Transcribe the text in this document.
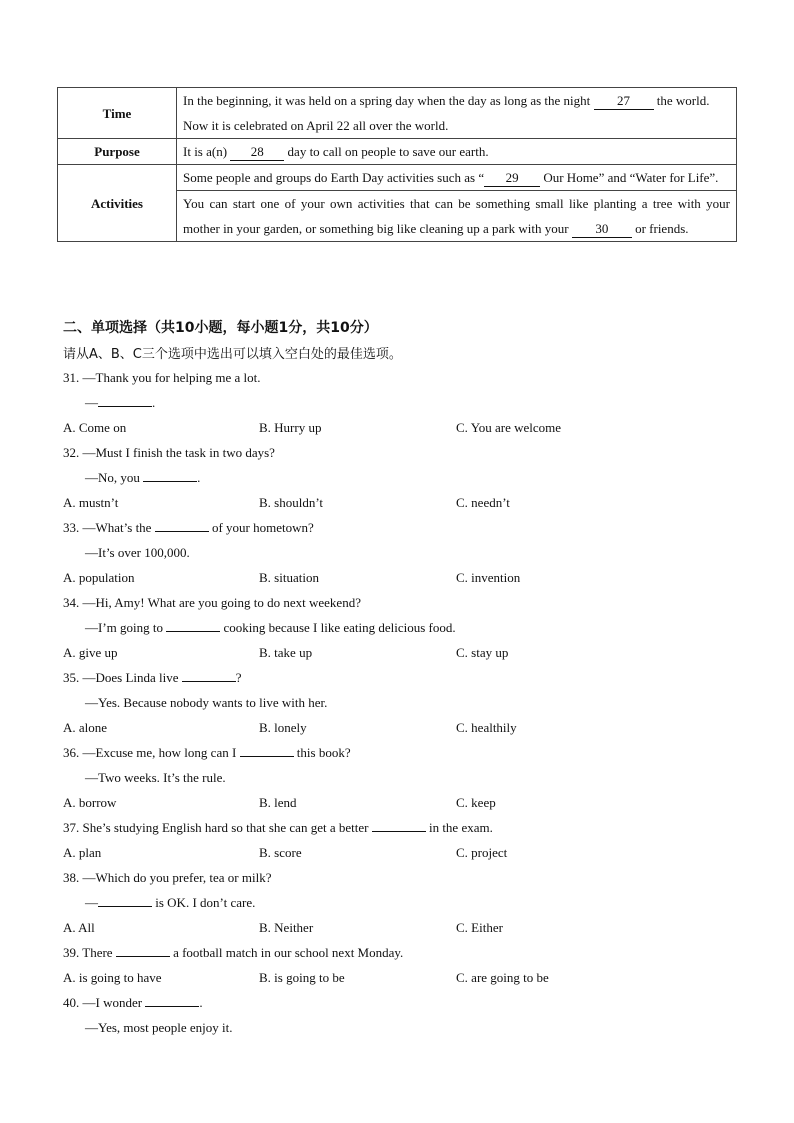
Time	In the beginning, it was held on a spring day when the day as long as the night 27 the world.
Now it is celebrated on April 22 all over the world.
Purpose	It is a(n) 28 day to call on people to save our earth.
Activities	Some people and groups do Earth Day activities such as “ 29 Our Home” and “Water for Life”.
	You can start one of your own activities that can be something small like planting a tree with your mother in your garden, or something big like cleaning up a park with your 30 or friends.
二、单项选择（共10小题，每小题1分，共10分）
请从A、B、C三个选项中选出可以填入空白处的最佳选项。
31. —Thank you for helping me a lot.
—	.
A. Come on	B. Hurry up	C. You are welcome
32. —Must I finish the task in two days?
—No, you	.
A. mustn’t	B. shouldn’t	C. needn’t
33. —What’s the	of your hometown?
—It’s over 100,000.
A. population	B. situation	C. invention
34. —Hi, Amy! What are you going to do next weekend?
—I’m going to	cooking because I like eating delicious food.
A. give up	B. take up	C. stay up
35. —Does Linda live	?
—Yes. Because nobody wants to live with her.
A. alone	B. lonely	C. healthily
36. —Excuse me, how long can I	this book?
—Two weeks. It’s the rule.
A. borrow	B. lend	C. keep
37. She’s studying English hard so that she can get a better	in the exam.
A. plan	B. score	C. project
38. —Which do you prefer, tea or milk?
—	is OK. I don’t care.
A. All	B. Neither	C. Either
39. There	a football match in our school next Monday.
A. is going to have	B. is going to be	C. are going to be
40. —I wonder	.
—Yes, most people enjoy it.
